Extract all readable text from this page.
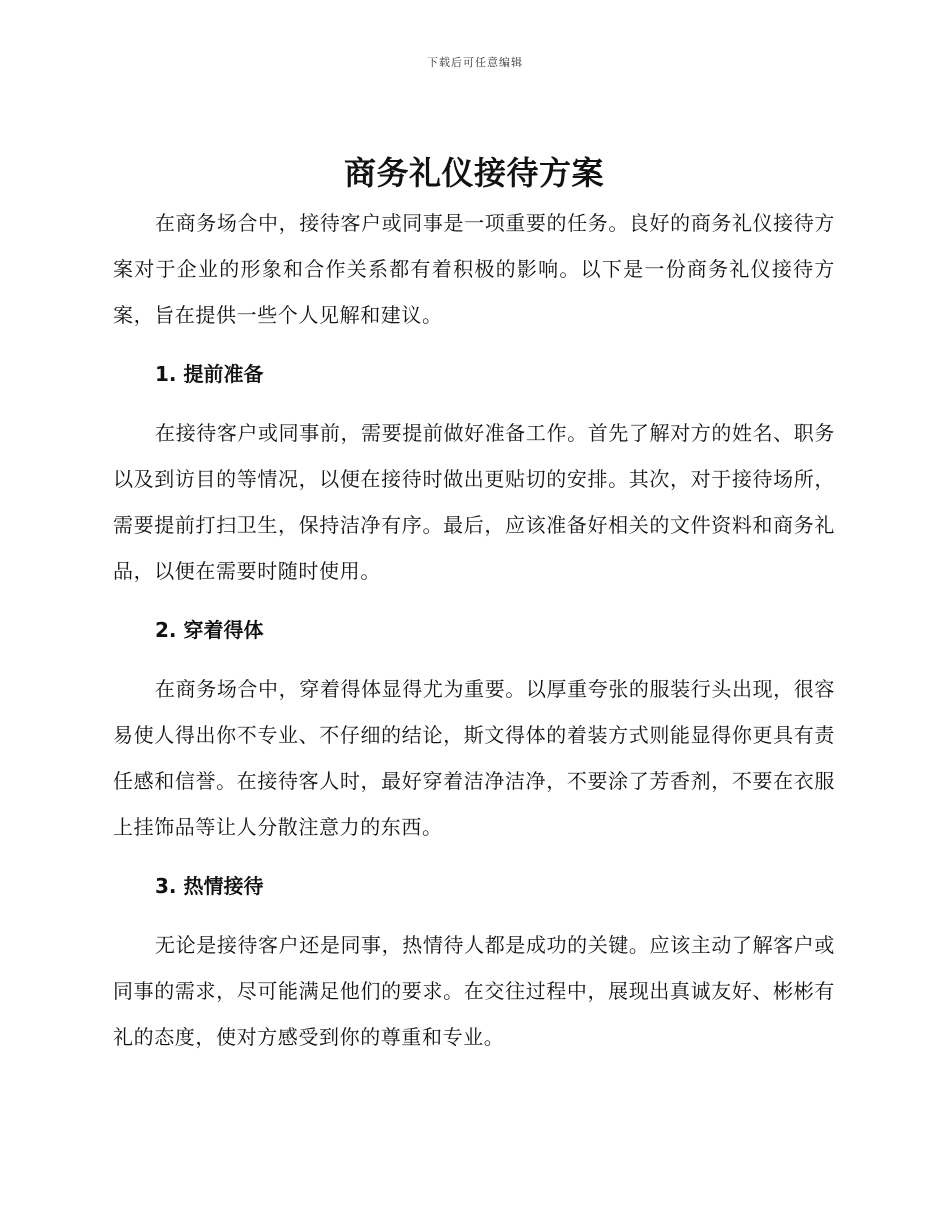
下载后可任意编辑
商务礼仪接待方案

在商务场合中，接待客户或同事是一项重要的任务。良好的商务礼仪接待方案对于企业的形象和合作关系都有着积极的影响。以下是一份商务礼仪接待方案，旨在提供一些个人见解和建议。

1. 提前准备

在接待客户或同事前，需要提前做好准备工作。首先了解对方的姓名、职务以及到访目的等情况，以便在接待时做出更贴切的安排。其次，对于接待场所，需要提前打扫卫生，保持洁净有序。最后，应该准备好相关的文件资料和商务礼品，以便在需要时随时使用。

2. 穿着得体

在商务场合中，穿着得体显得尤为重要。以厚重夸张的服装行头出现，很容易使人得出你不专业、不仔细的结论，斯文得体的着装方式则能显得你更具有责任感和信誉。在接待客人时，最好穿着洁净洁净，不要涂了芳香剂，不要在衣服上挂饰品等让人分散注意力的东西。

3. 热情接待

无论是接待客户还是同事，热情待人都是成功的关键。应该主动了解客户或同事的需求，尽可能满足他们的要求。在交往过程中，展现出真诚友好、彬彬有礼的态度，使对方感受到你的尊重和专业。
